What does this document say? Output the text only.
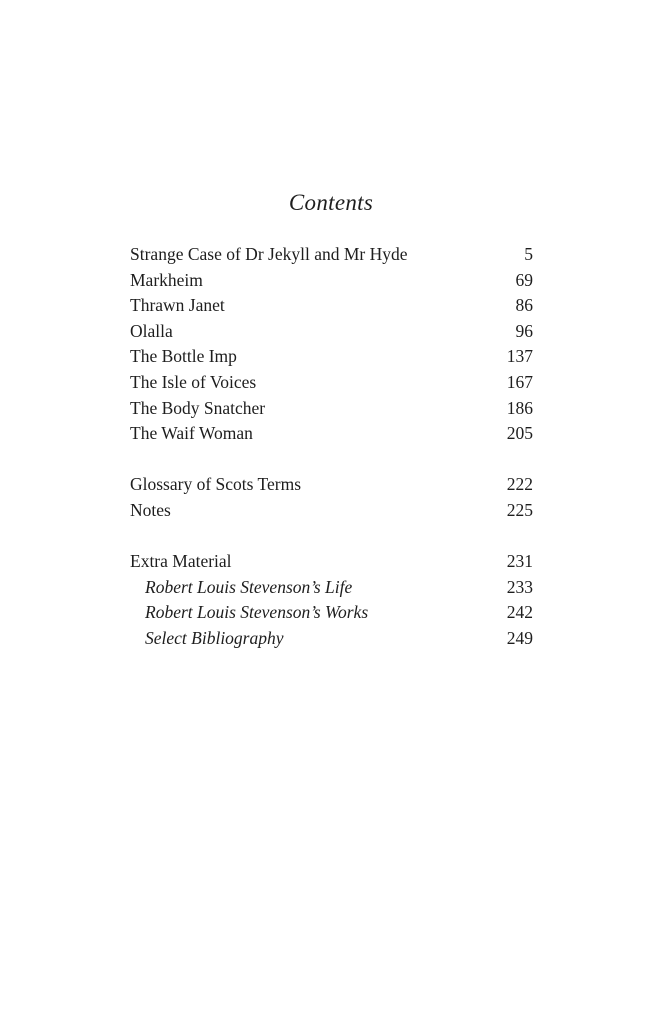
Contents
Strange Case of Dr Jekyll and Mr Hyde	5
Markheim	69
Thrawn Janet	86
Olalla	96
The Bottle Imp	137
The Isle of Voices	167
The Body Snatcher	186
The Waif Woman	205
Glossary of Scots Terms	222
Notes	225
Extra Material	231
Robert Louis Stevenson’s Life	233
Robert Louis Stevenson’s Works	242
Select Bibliography	249
